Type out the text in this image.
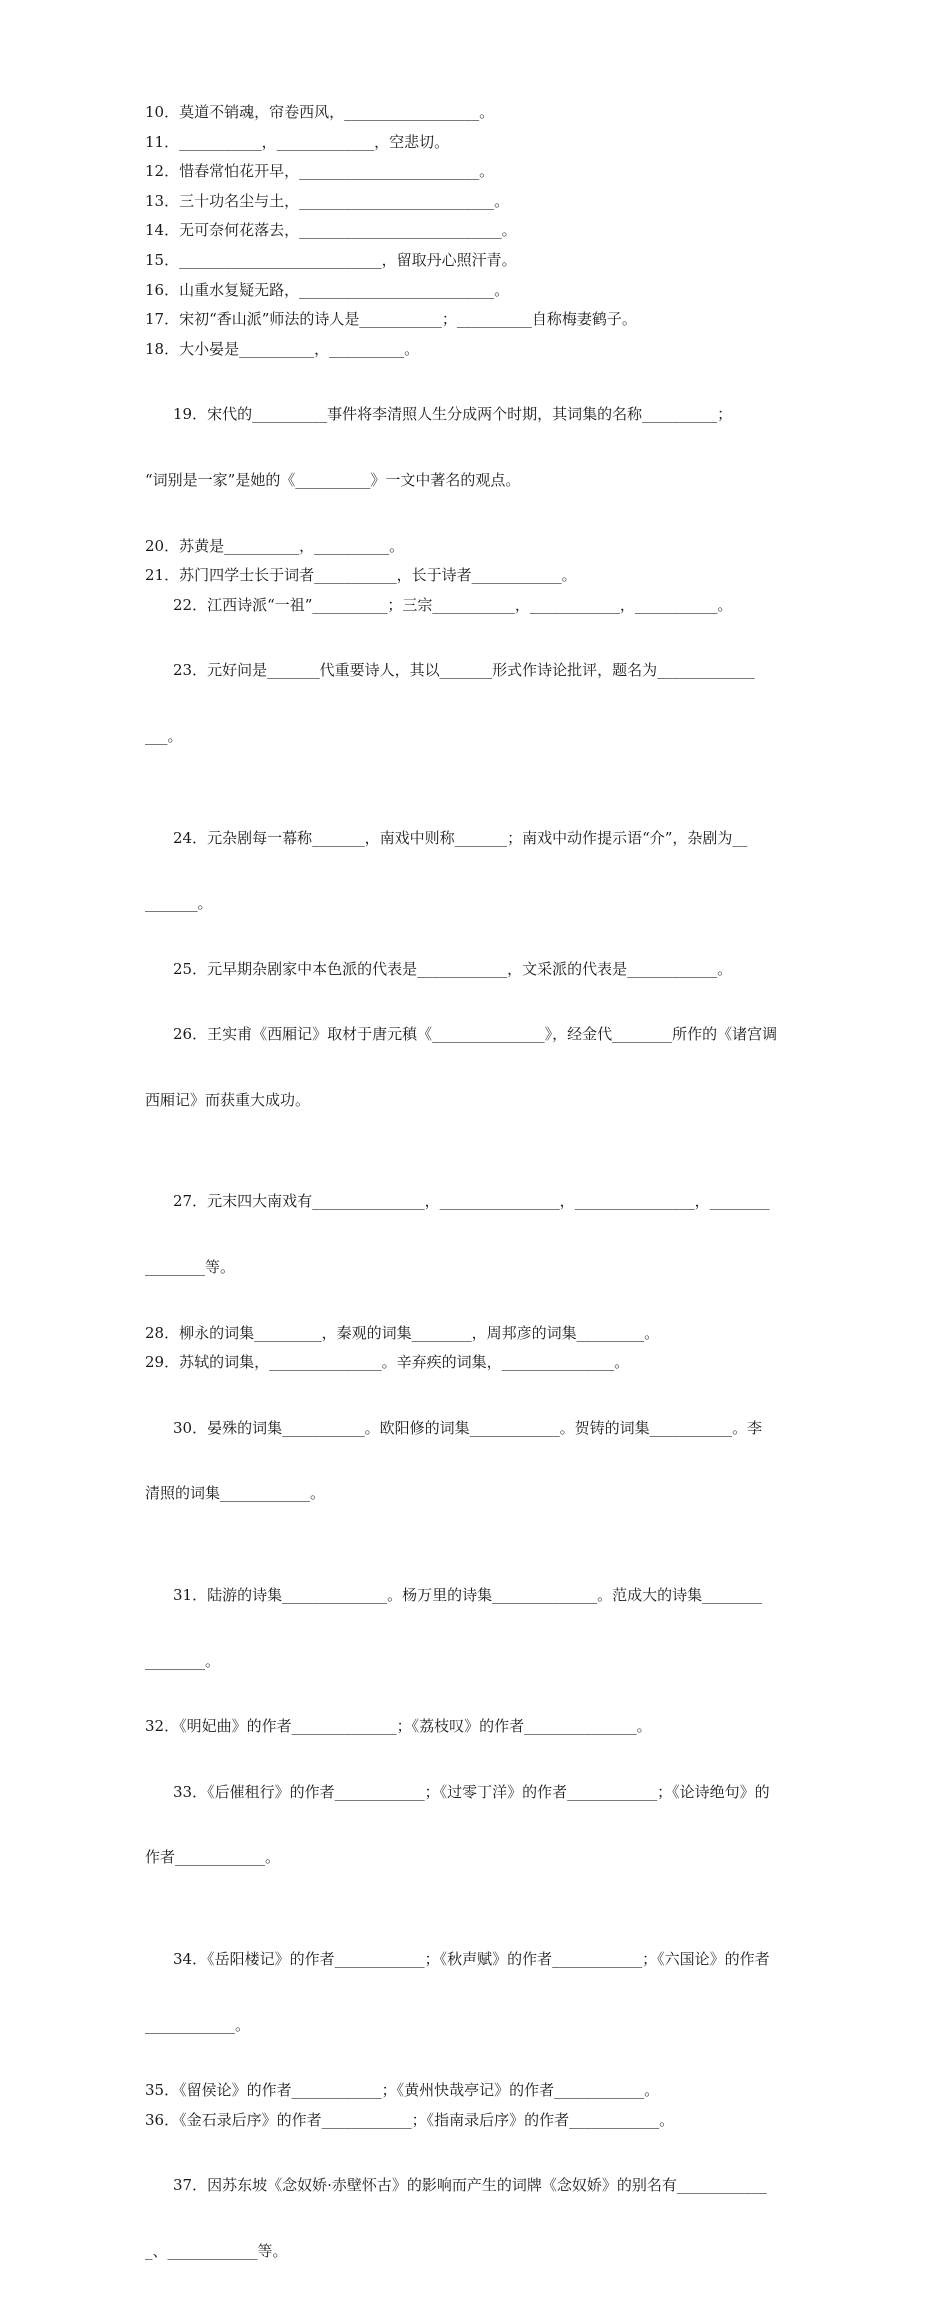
10．莫道不销魂，帘卷西风，__________________。
11．___________，_____________，空悲切。
12．惜春常怕花开早，________________________。
13．三十功名尘与土，__________________________。
14．无可奈何花落去，___________________________。
15．___________________________，留取丹心照汗青。
16．山重水复疑无路，__________________________。
17．宋初“香山派”师法的诗人是___________；__________自称梅妻鹤子。
18．大小晏是__________，__________。

19．宋代的__________事件将李清照人生分成两个时期，其词集的名称__________；

“词别是一家”是她的《__________》一文中著名的观点。

20．苏黄是__________，__________。
21．苏门四学士长于词者___________，长于诗者____________。
22．江西诗派“一祖”__________；三宗___________，____________，___________。

23．元好问是_______代重要诗人，其以_______形式作诗论批评，题名为_____________

___。

24．元杂剧每一幕称_______，南戏中则称_______；南戏中动作提示语“介”，杂剧为__

_______。

25．元早期杂剧家中本色派的代表是____________，文采派的代表是____________。

26．王实甫《西厢记》取材于唐元稹《_______________》，经金代________所作的《诸宫调

西厢记》而获重大成功。

27．元末四大南戏有_______________，________________，________________，________

________等。

28．柳永的词集_________，秦观的词集________，周邦彦的词集_________。
29．苏轼的词集，_______________。辛弃疾的词集，_______________。

30．晏殊的词集___________。欧阳修的词集____________。贺铸的词集___________。李

清照的词集____________。

31．陆游的诗集______________。杨万里的诗集______________。范成大的诗集________

________。

32．《明妃曲》的作者______________；《荔枝叹》的作者_______________。

33．《后催租行》的作者____________；《过零丁洋》的作者____________；《论诗绝句》的

作者____________。

34．《岳阳楼记》的作者____________；《秋声赋》的作者____________；《六国论》的作者

____________。

35．《留侯论》的作者____________；《黄州快哉亭记》的作者____________。
36．《金石录后序》的作者____________；《指南录后序》的作者____________。

37．因苏东坡《念奴娇·赤壁怀古》的影响而产生的词牌《念奴娇》的别名有____________

_、____________等。
